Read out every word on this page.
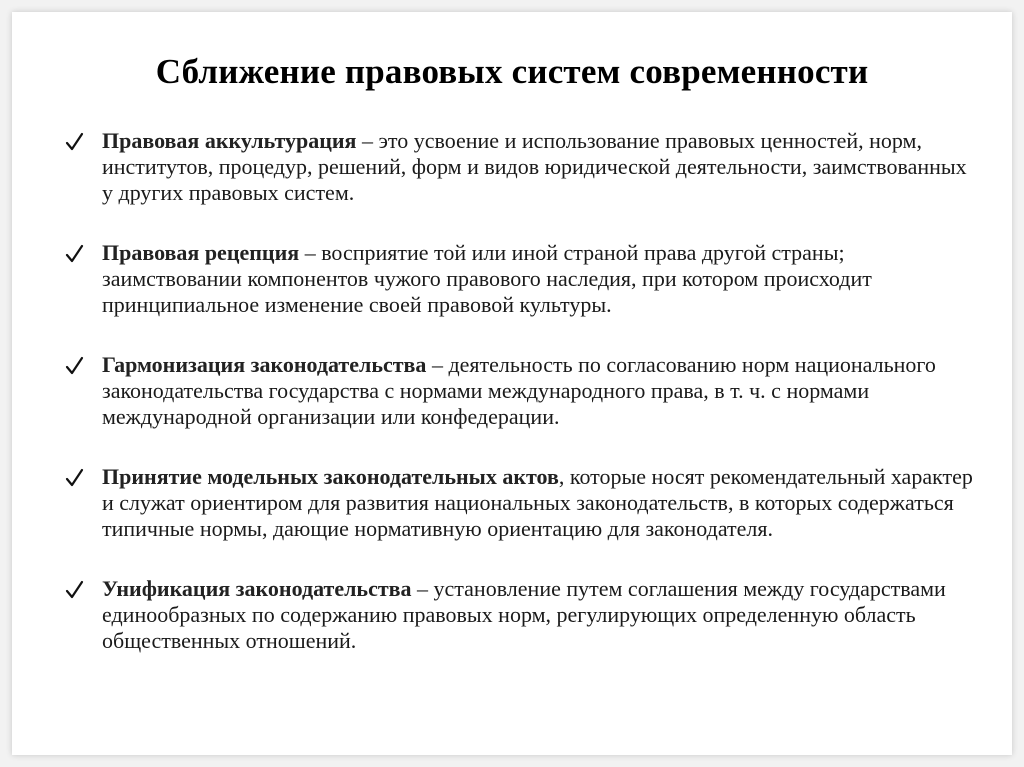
Сближение правовых систем современности
Правовая аккультурация – это усвоение и использование правовых ценностей, норм, институтов, процедур, решений, форм и видов юридической деятельности, заимствованных у других правовых систем.
Правовая рецепция – восприятие той или иной страной права другой страны; заимствовании компонентов чужого правового наследия, при котором происходит принципиальное изменение своей правовой культуры.
Гармонизация законодательства – деятельность по согласованию норм национального законодательства государства с нормами международного права, в т. ч. с нормами международной организации или конфедерации.
Принятие модельных законодательных актов, которые носят рекомендательный характер и служат ориентиром для развития национальных законодательств, в которых содержаться типичные нормы, дающие нормативную ориентацию для законодателя.
Унификация законодательства – установление путем соглашения между государствами единообразных по содержанию правовых норм, регулирующих определенную область общественных отношений.
